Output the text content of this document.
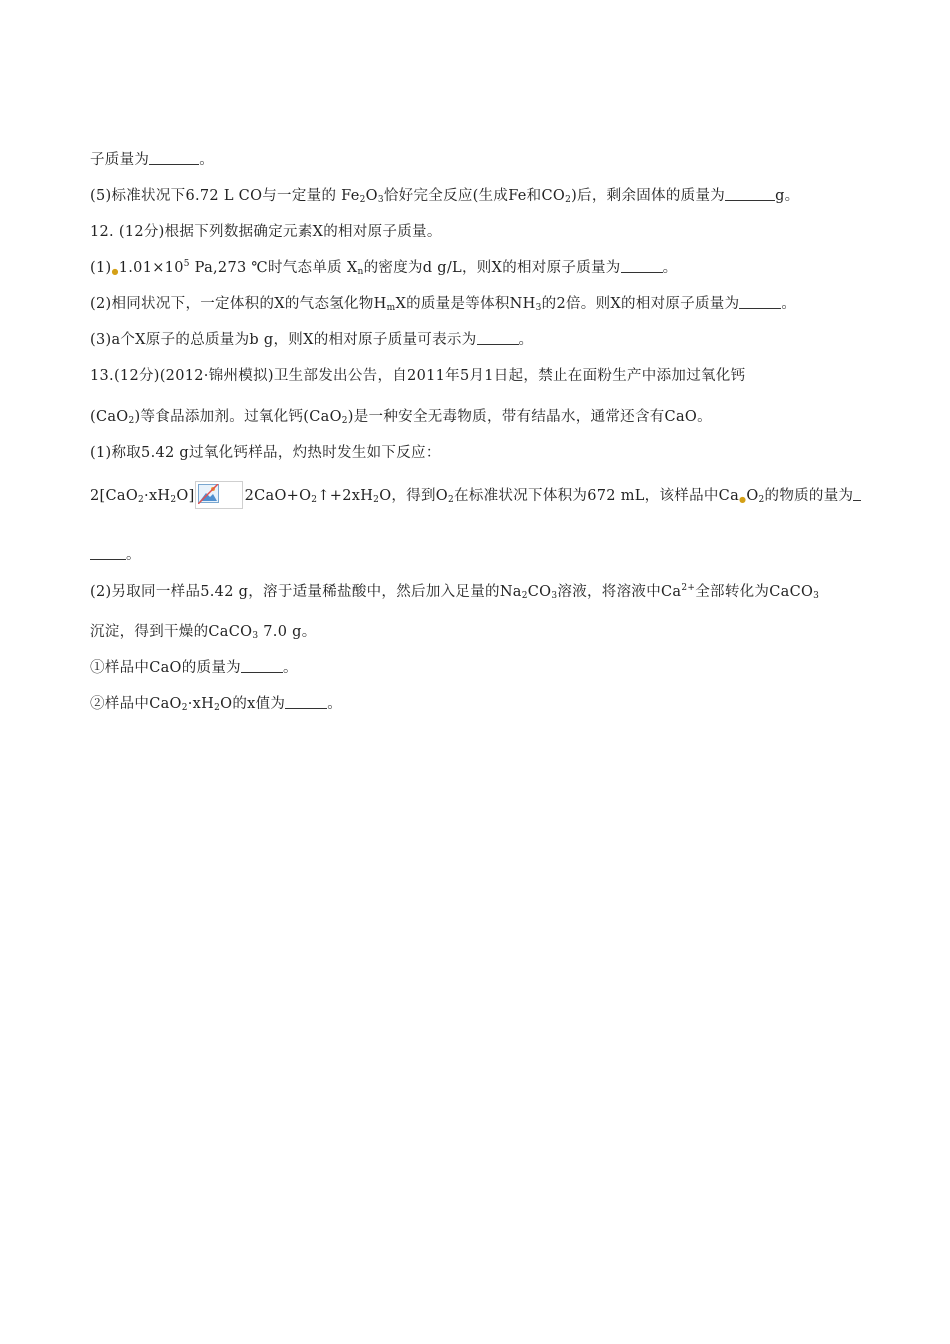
子质量为	。
(5)标准状况下6.72 L CO与一定量的 $Fe_2O_3$恰好完全反应(生成Fe和$CO_2$)后，剩余固体的质量为	g。
12. (12分)根据下列数据确定元素X的相对原子质量。
$(1)●1.01\times 10^5$ Pa,273 ℃时气态单质 $X_n$的密度为d g/L，则X的相对原子质量为	。
(2)相同状况下，一定体积的X的气态氢化物$H_mX$的质量是等体积$NH_3$的2倍。则X的相对原子质量为	。
(3)a个X原子的总质量为b g，则X的相对原子质量可表示为	。
13.(12分)(2012·锦州模拟)卫生部发出公告，自2011年5月1日起，禁止在面粉生产中添加过氧化钙
(CaO$_2$)等食品添加剂。过氧化钙(CaO$_2$)是一种安全无毒物质，带有结晶水，通常还含有CaO。
(1)称取5.42 g过氧化钙样品，灼热时发生如下反应：
$2[CaO_2\cdot xH_2O]$	$2CaO+O_2↑+2xH_2O$，得到$O_2$在标准状况下体积为672 mL，该样品中$Ca●O_2$的物质的量为
。
(2)另取同一样品5.42 g，溶于适量稀盐酸中，然后加入足量的$Na_2CO_3$溶液，将溶液中$Ca^{2+}$全部转化为CaCO$_3$
沉淀，得到干燥的CaCO$_3$ 7.0 g。
①样品中CaO的质量为	。
②样品中$CaO_2\cdot xH_2O$的x值为	。
